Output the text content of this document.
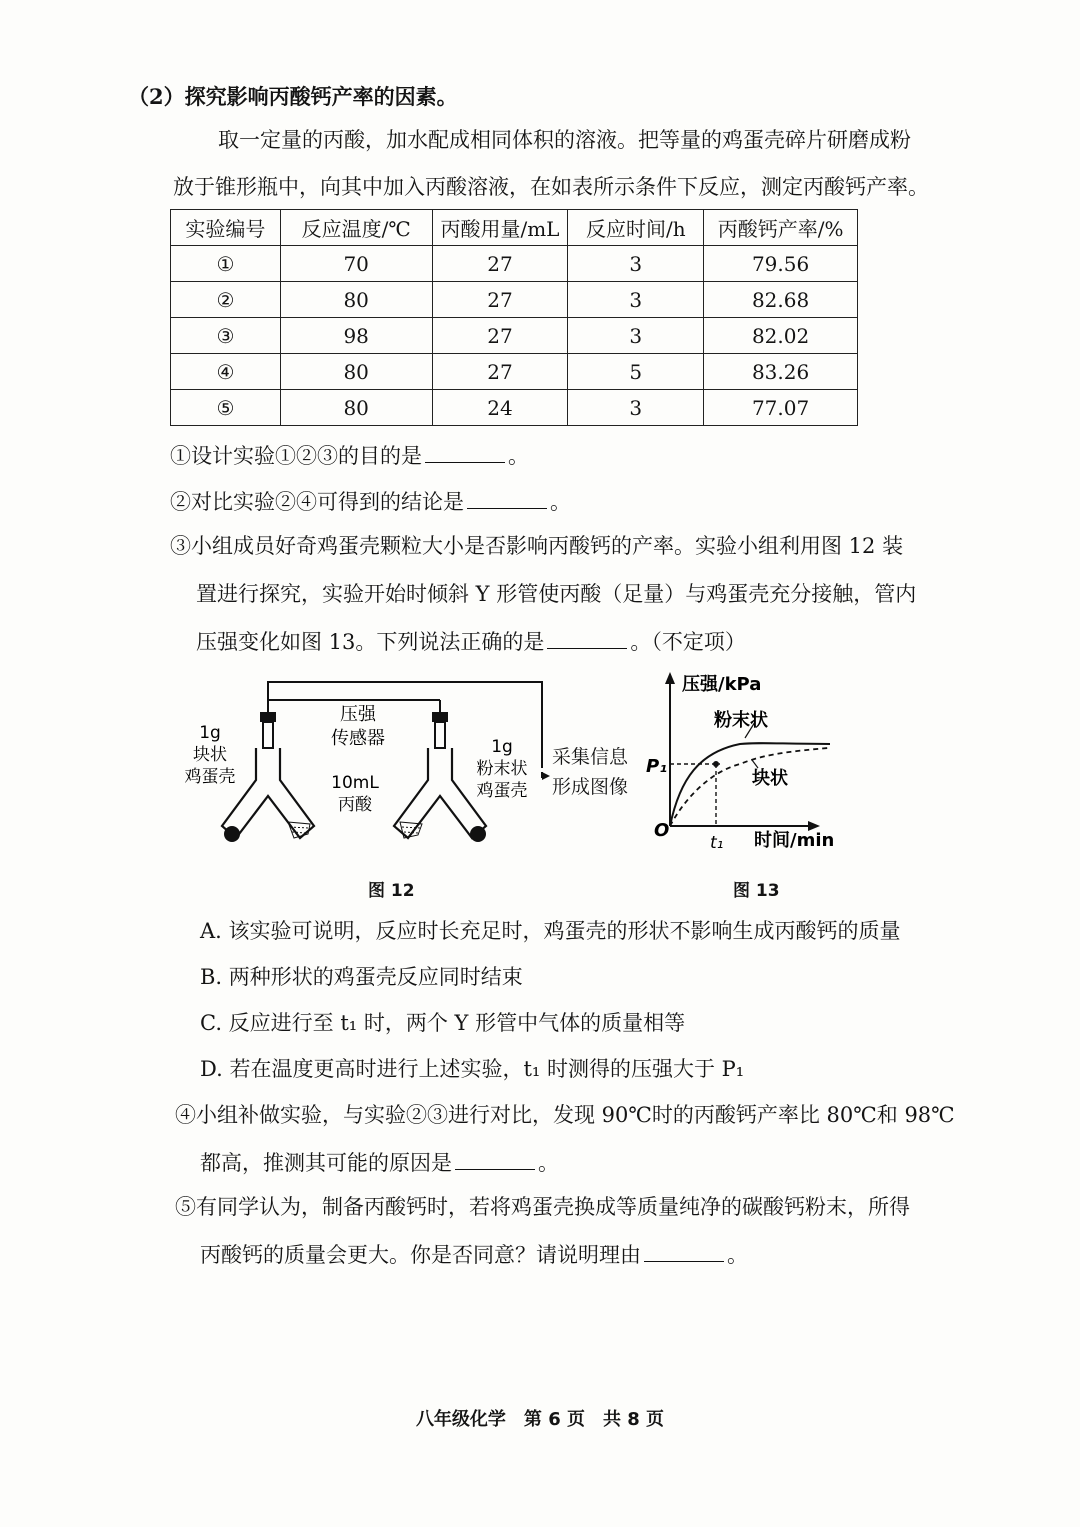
（2）探究影响丙酸钙产率的因素。
取一定量的丙酸，加水配成相同体积的溶液。把等量的鸡蛋壳碎片研磨成粉
放于锥形瓶中，向其中加入丙酸溶液，在如表所示条件下反应，测定丙酸钙产率。
实验编号	反应温度/℃	丙酸用量/mL	反应时间/h	丙酸钙产率/%
①	70	27	3	79.56
②	80	27	3	82.68
③	98	27	3	82.02
④	80	27	5	83.26
⑤	80	24	3	77.07
①设计实验①②③的目的是	。
②对比实验②④可得到的结论是	。
③小组成员好奇鸡蛋壳颗粒大小是否影响丙酸钙的产率。实验小组利用图 12 装
置进行探究，实验开始时倾斜 Y 形管使丙酸（足量）与鸡蛋壳充分接触，管内
压强变化如图 13。下列说法正确的是	。（不定项）
1g
块状
鸡蛋壳
压强
传感器
10mL
丙酸
1g
粉末状
鸡蛋壳
采集信息
形成图像
图 12
压强/kPa
粉末状
块状
P₁
O
t₁ 时间/min
图 13
A. 该实验可说明，反应时长充足时，鸡蛋壳的形状不影响生成丙酸钙的质量
B. 两种形状的鸡蛋壳反应同时结束
C. 反应进行至 t₁ 时，两个 Y 形管中气体的质量相等
D. 若在温度更高时进行上述实验，t₁ 时测得的压强大于 P₁
④小组补做实验，与实验②③进行对比，发现 90℃时的丙酸钙产率比 80℃和 98℃
都高，推测其可能的原因是	。
⑤有同学认为，制备丙酸钙时，若将鸡蛋壳换成等质量纯净的碳酸钙粉末，所得
丙酸钙的质量会更大。你是否同意？请说明理由	。
八年级化学　第 6 页　共 8 页
